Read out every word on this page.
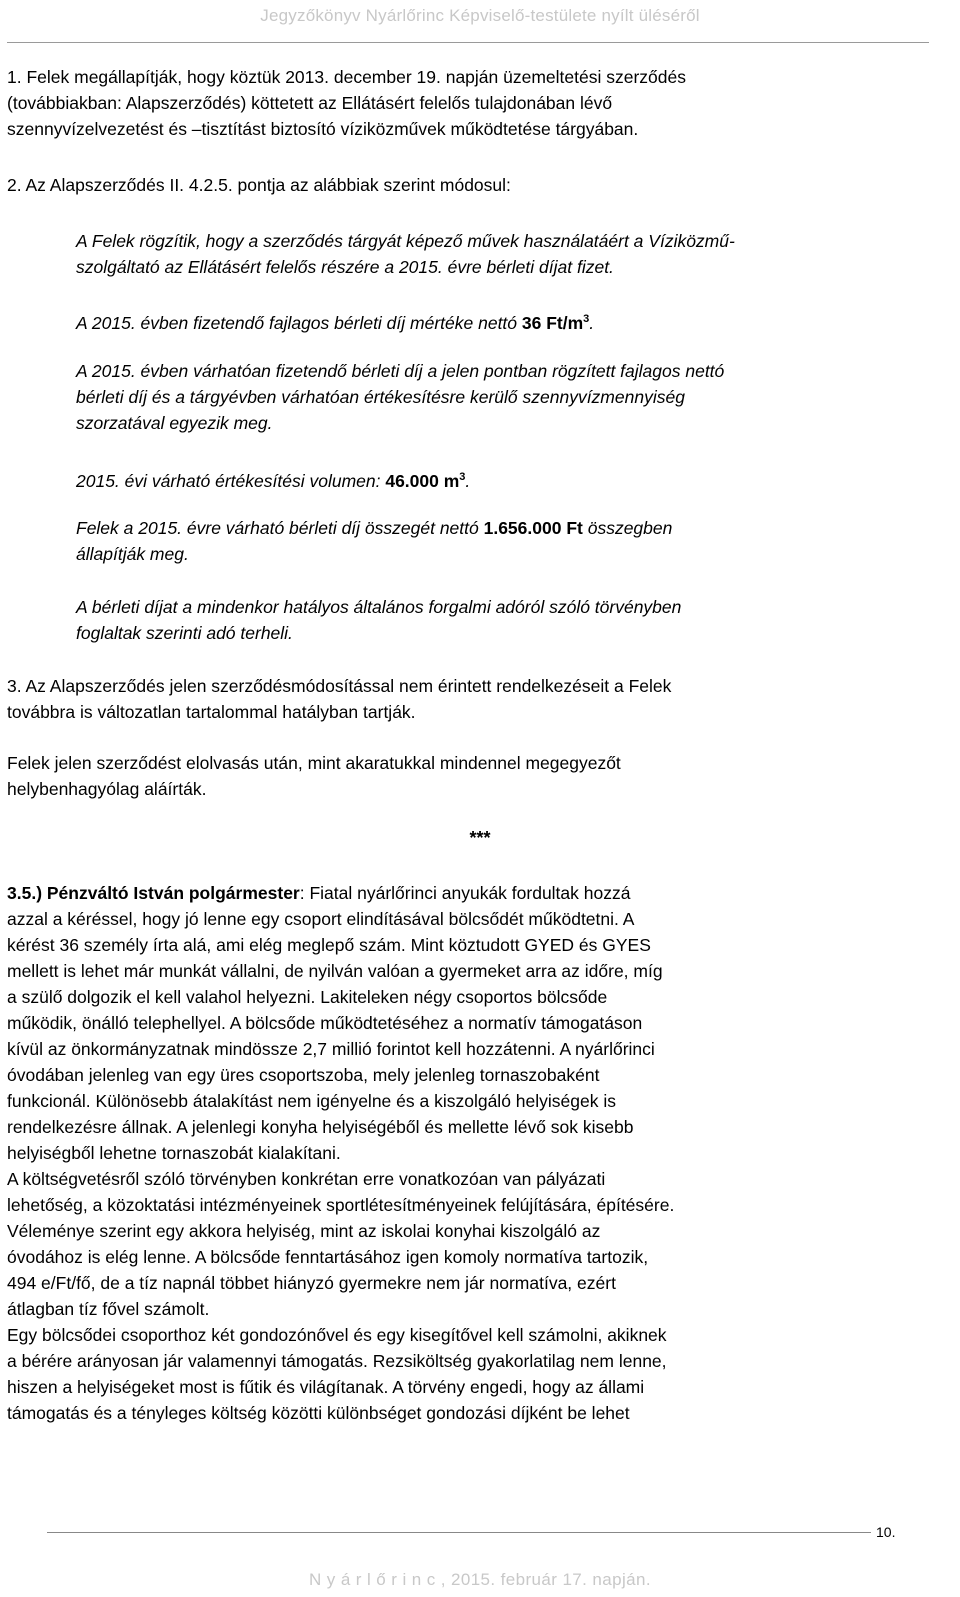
Jegyzőkönyv Nyárlőrinc Képviselő-testülete nyílt üléséről
1. Felek megállapítják, hogy köztük 2013. december 19. napján üzemeltetési szerződés
(továbbiakban: Alapszerződés) köttetett az Ellátásért felelős tulajdonában lévő
szennyvízelvezetést és –tisztítást biztosító víziközművek működtetése tárgyában.
2. Az Alapszerződés II. 4.2.5. pontja az alábbiak szerint módosul:
A Felek rögzítik, hogy a szerződés tárgyát képező művek használatáért a Víziközmű-
szolgáltató az Ellátásért felelős részére a 2015. évre bérleti díjat fizet.
A 2015. évben fizetendő fajlagos bérleti díj mértéke nettó 36 $Ft/m^3$.
A 2015. évben várhatóan fizetendő bérleti díj a jelen pontban rögzített fajlagos nettó
bérleti díj és a tárgyévben várhatóan értékesítésre kerülő szennyvízmennyiség
szorzatával egyezik meg.
2015. évi várható értékesítési volumen: 46.000 $m^3$.
Felek a 2015. évre várható bérleti díj összegét nettó 1.656.000 Ft összegben
állapítják meg.
A bérleti díjat a mindenkor hatályos általános forgalmi adóról szóló törvényben
foglaltak szerinti adó terheli.
3. Az Alapszerződés jelen szerződésmódosítással nem érintett rendelkezéseit a Felek
továbbra is változatlan tartalommal hatályban tartják.
Felek jelen szerződést elolvasás után, mint akaratukkal mindennel megegyezőt
helybenhagyólag aláírták.
***
3.5.) Pénzváltó István polgármester: Fiatal nyárlőrinci anyukák fordultak hozzá
azzal a kéréssel, hogy jó lenne egy csoport elindításával bölcsődét működtetni. A
kérést 36 személy írta alá, ami elég meglepő szám. Mint köztudott GYED és GYES
mellett is lehet már munkát vállalni, de nyilván valóan a gyermeket arra az időre, míg
a szülő dolgozik el kell valahol helyezni. Lakiteleken négy csoportos bölcsőde
működik, önálló telephellyel. A bölcsőde működtetéséhez a normatív támogatáson
kívül az önkormányzatnak mindössze 2,7 millió forintot kell hozzátenni. A nyárlőrinci
óvodában jelenleg van egy üres csoportszoba, mely jelenleg tornaszobaként
funkcionál. Különösebb átalakítást nem igényelne és a kiszolgáló helyiségek is
rendelkezésre állnak. A jelenlegi konyha helyiségéből és mellette lévő sok kisebb
helyiségből lehetne tornaszobát kialakítani.
A költségvetésről szóló törvényben konkrétan erre vonatkozóan van pályázati
lehetőség, a közoktatási intézményeinek sportlétesítményeinek felújítására, építésére.
Véleménye szerint egy akkora helyiség, mint az iskolai konyhai kiszolgáló az
óvodához is elég lenne. A bölcsőde fenntartásához igen komoly normatíva tartozik,
494 e/Ft/fő, de a tíz napnál többet hiányzó gyermekre nem jár normatíva, ezért
átlagban tíz fővel számolt.
Egy bölcsődei csoporthoz két gondozónővel és egy kisegítővel kell számolni, akiknek
a bérére arányosan jár valamennyi támogatás. Rezsiköltség gyakorlatilag nem lenne,
hiszen a helyiségeket most is fűtik és világítanak. A törvény engedi, hogy az állami
támogatás és a tényleges költség közötti különbséget gondozási díjként be lehet
10.
N y á r l ő r i n c , 2015. február 17. napján.
